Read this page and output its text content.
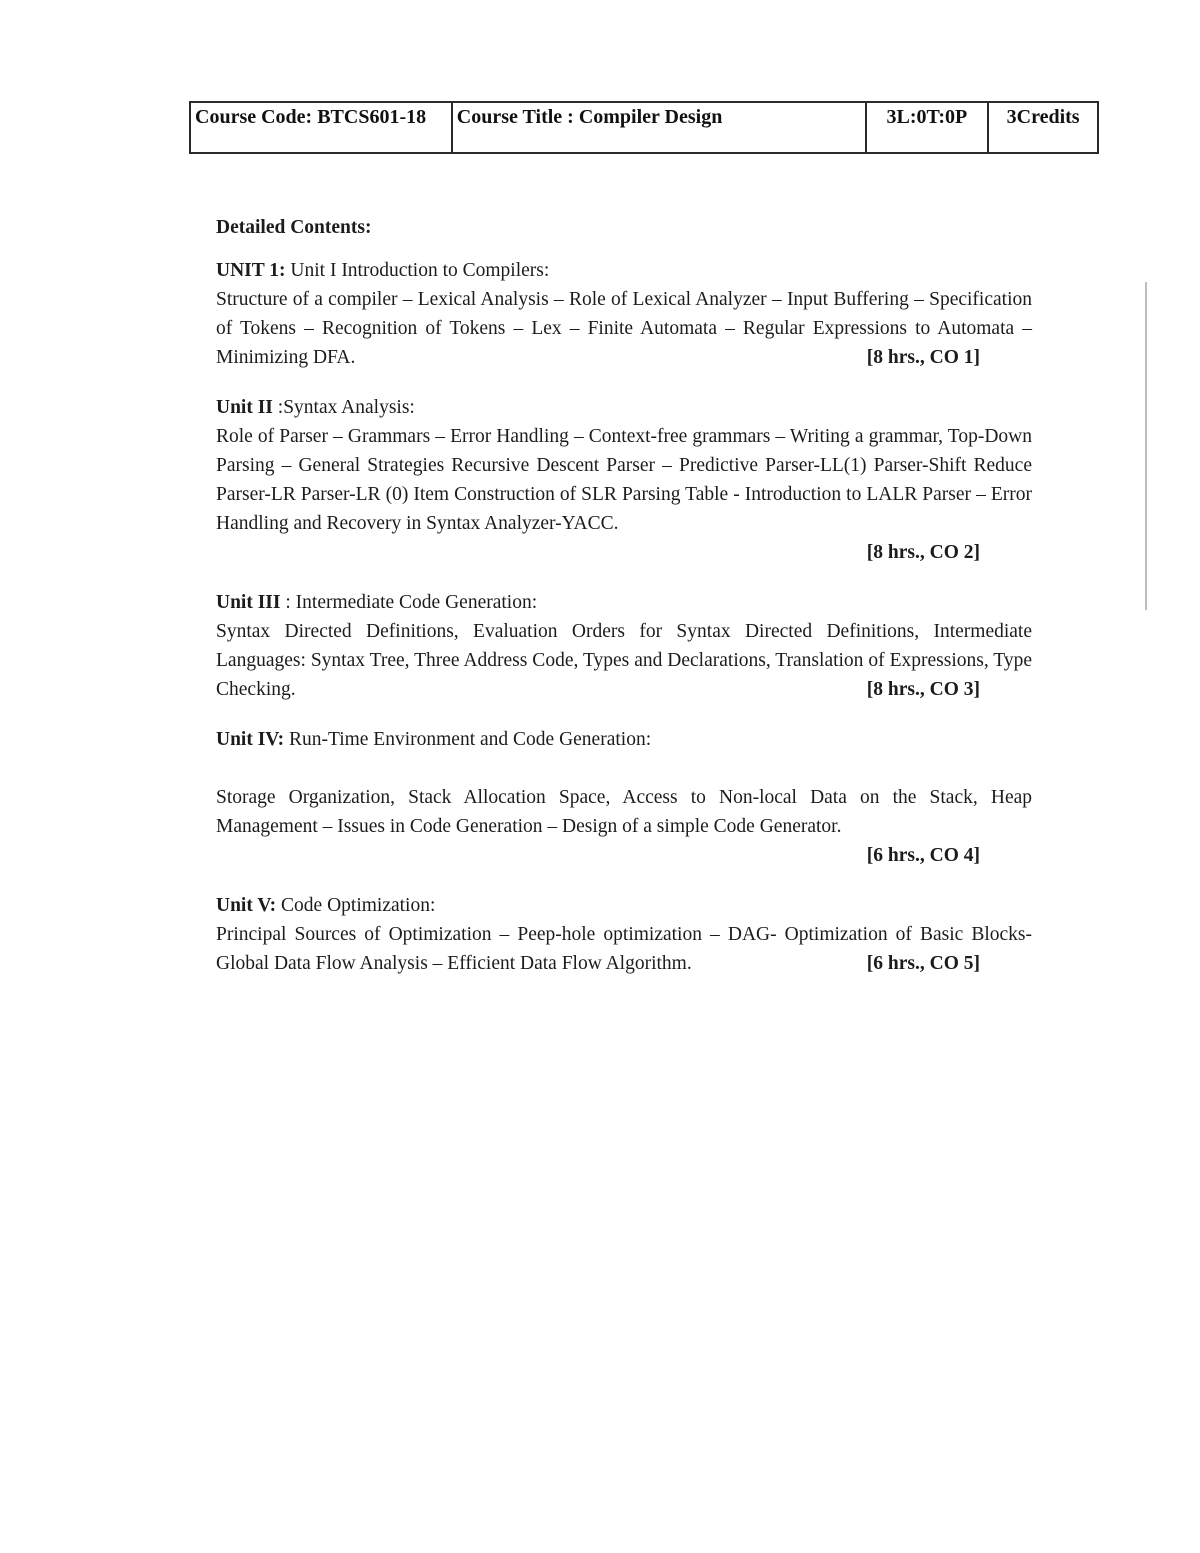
Course Code: BTCS601-18	Course Title : Compiler Design	3L:0T:0P	3Credits

Detailed Contents:

UNIT 1: Unit I Introduction to Compilers:

Structure of a compiler – Lexical Analysis – Role of Lexical Analyzer – Input Buffering – Specification of Tokens – Recognition of Tokens – Lex – Finite Automata – Regular Expressions to Automata – Minimizing DFA.	[8 hrs., CO 1]

Unit II :Syntax Analysis:

Role of Parser – Grammars – Error Handling – Context-free grammars – Writing a grammar, Top-Down Parsing – General Strategies Recursive Descent Parser – Predictive Parser-LL(1) Parser-Shift Reduce Parser-LR Parser-LR (0) Item Construction of SLR Parsing Table - Introduction to LALR Parser – Error Handling and Recovery in Syntax Analyzer-YACC.

[8 hrs., CO 2]

Unit III : Intermediate Code Generation:

Syntax Directed Definitions, Evaluation Orders for Syntax Directed Definitions, Intermediate Languages: Syntax Tree, Three Address Code, Types and Declarations, Translation of Expressions, Type Checking.	[8 hrs., CO 3]

Unit IV: Run-Time Environment and Code Generation:

Storage Organization, Stack Allocation Space, Access to Non-local Data on the Stack, Heap Management – Issues in Code Generation – Design of a simple Code Generator.

[6 hrs., CO 4]

Unit V: Code Optimization:

Principal Sources of Optimization – Peep-hole optimization – DAG- Optimization of Basic Blocks-Global Data Flow Analysis – Efficient Data Flow Algorithm.	[6 hrs., CO 5]
